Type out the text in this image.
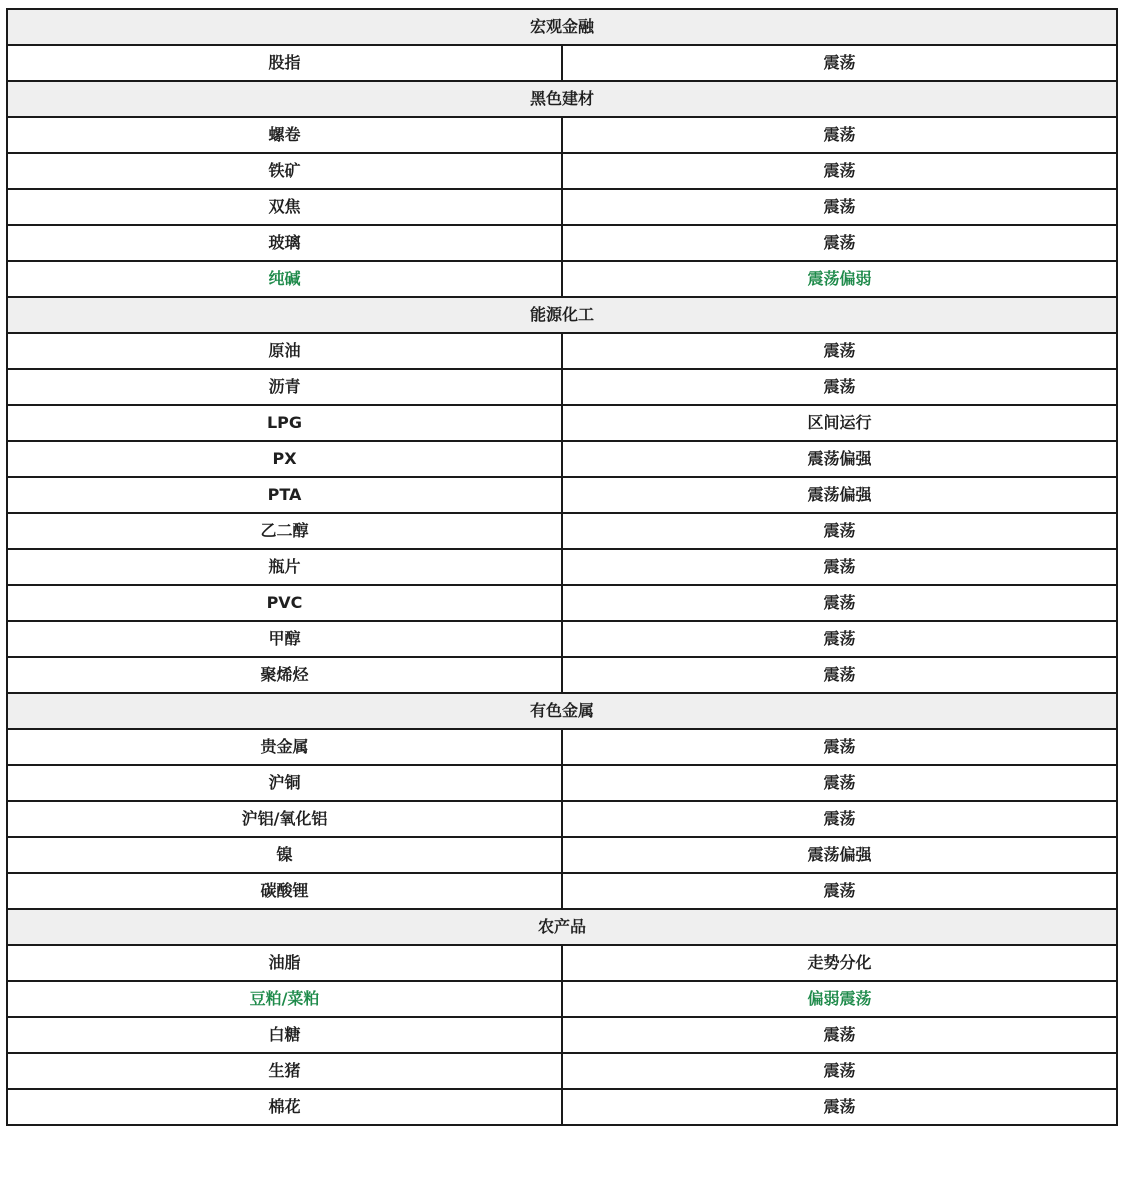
宏观金融	
股指	震荡
黑色建材	
螺卷	震荡
铁矿	震荡
双焦	震荡
玻璃	震荡
纯碱	震荡偏弱
能源化工	
原油	震荡
沥青	震荡
LPG	区间运行
PX	震荡偏强
PTA	震荡偏强
乙二醇	震荡
瓶片	震荡
PVC	震荡
甲醇	震荡
聚烯烃	震荡
有色金属	
贵金属	震荡
沪铜	震荡
沪铝/氧化铝	震荡
镍	震荡偏强
碳酸锂	震荡
农产品	
油脂	走势分化
豆粕/菜粕	偏弱震荡
白糖	震荡
生猪	震荡
棉花	震荡
